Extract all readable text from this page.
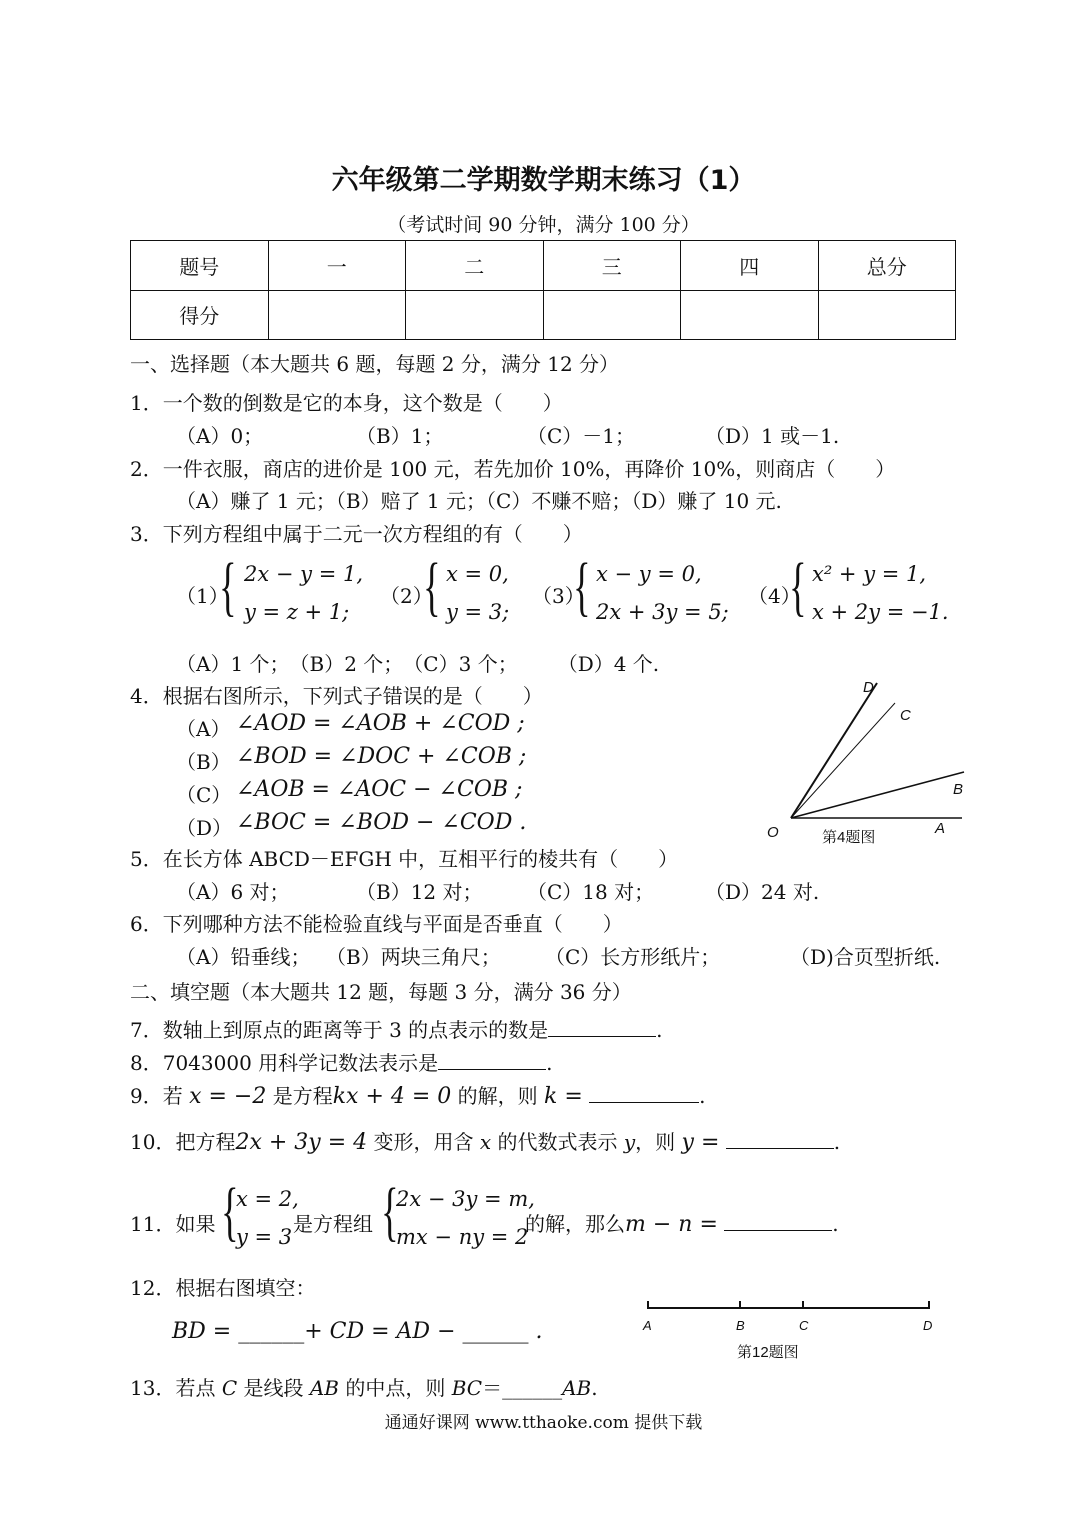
六年级第二学期数学期末练习（1）
（考试时间 90 分钟，满分 100 分）
题号	一	二	三	四	总分
得分					
一、选择题（本大题共 6 题，每题 2 分，满分 12 分）
1．一个数的倒数是它的本身，这个数是（　　）
（A）0；	（B）1；	（C）－1；	（D）1 或－1.
2．一件衣服，商店的进价是 100 元，若先加价 10%，再降价 10%，则商店（　　）
（A）赚了 1 元；（B）赔了 1 元；（C）不赚不赔；（D）赚了 10 元.
3．下列方程组中属于二元一次方程组的有（　　）
（1）
{ 2x − y = 1,
y = z + 1;
（2）
{ x = 0,
y = 3;
（3）
{ x − y = 0,
2x + 3y = 5;
（4）
{ x² + y = 1,
x + 2y = −1.
（A）1 个；　（B）2 个；　（C）3 个；　　　（D）4 个.
4．根据右图所示，下列式子错误的是（　　）
（A） ∠AOD = ∠AOB + ∠COD ;
（B） ∠BOD = ∠DOC + ∠COB ;
（C） ∠AOB = ∠AOC − ∠COB ;
（D） ∠BOC = ∠BOD − ∠COD .
D
C
B
O	A
第4题图
5．在长方体 ABCD－EFGH 中，互相平行的棱共有（　　）
（A）6 对；	（B）12 对； （C）18 对；	（D）24 对.
6．下列哪种方法不能检验直线与平面是否垂直（　　）
（A）铅垂线； （B）两块三角尺； （C）长方形纸片；	（D)合页型折纸.
二、填空题（本大题共 12 题，每题 3 分，满分 36 分）
7．数轴上到原点的距离等于 3 的点表示的数是	.
8．7043000 用科学记数法表示是	.
9．若 x = −2 是方程kx + 4 = 0 的解，则 k =	.
10．把方程2x + 3y = 4 变形，用含 x 的代数式表示 y，则 y =	.
11．如果 {
x = 2,
y = 3
是方程组 {
2x − 3y = m,
mx − ny = 2
的解，那么m − n =	.
12．根据右图填空：
BD = ______+ CD = AD − ______ .	A	B	C	D
第12题图
13．若点 C 是线段 AB 的中点，则 BC＝______AB.
通通好课网 www.tthaoke.com 提供下载
